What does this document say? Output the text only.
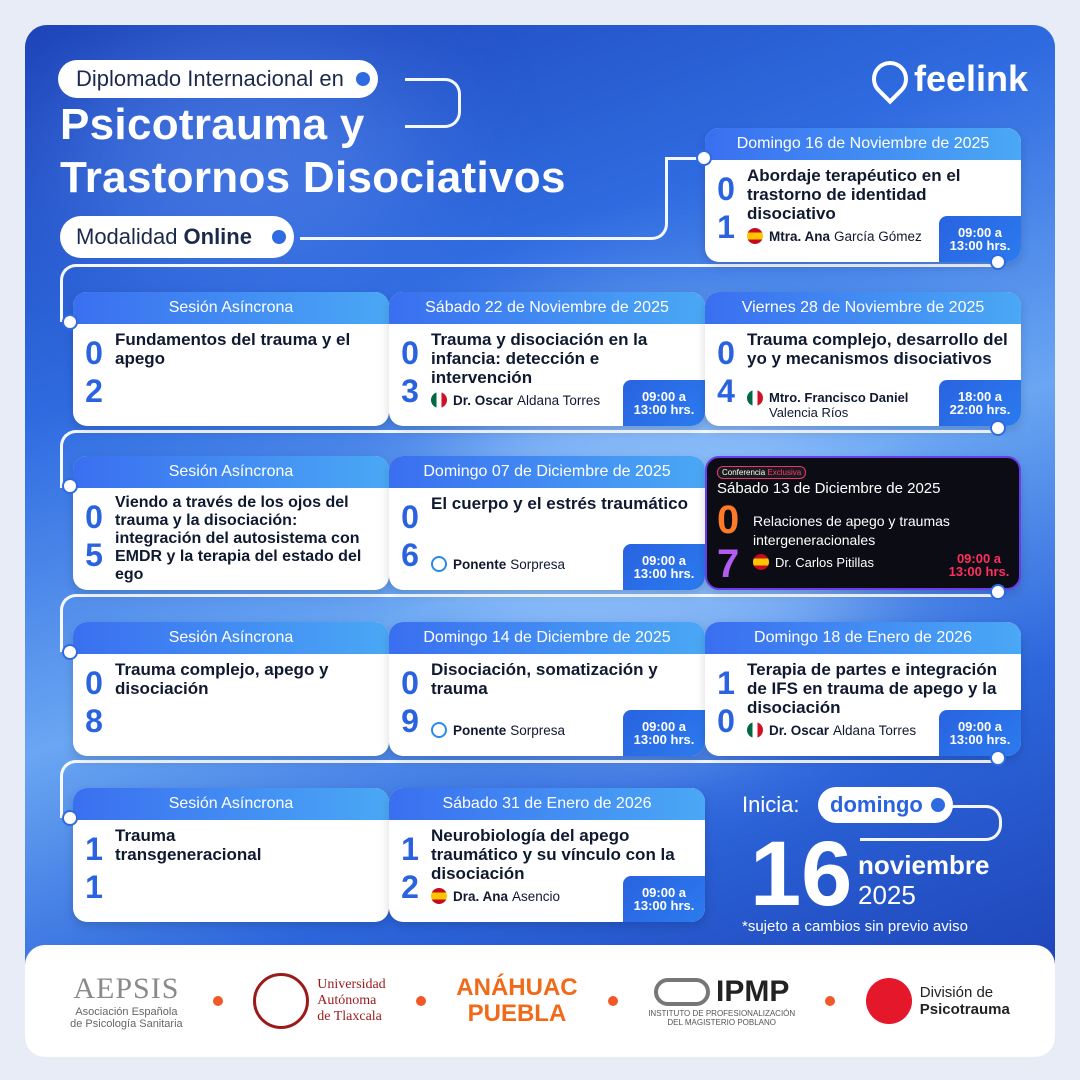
Diplomado Internacional en
Psicotrauma y
Trastornos Disociativos
Modalidad Online
feelink
Domingo 16 de Noviembre de 2025
0
1
Abordaje terapéutico en el trastorno de identidad disociativo
Mtra. Ana García Gómez	09:00 a
13:00 hrs.
Sesión Asíncrona
0
2
Fundamentos del trauma y el apego
Sábado 22 de Noviembre de 2025
0
3
Trauma y disociación en la infancia: detección e intervención
Dr. Oscar Aldana Torres	09:00 a
13:00 hrs.
Viernes 28 de Noviembre de 2025
0
4
Trauma complejo, desarrollo del yo y mecanismos disociativos
Mtro. Francisco Daniel
Valencia Ríos
18:00 a
22:00 hrs.
Sesión Asíncrona
0
5
Viendo a través de los ojos del trauma y la disociación: integración del autosistema con EMDR y la terapia del estado del ego
Domingo 07 de Diciembre de 2025
0
6
El cuerpo y el estrés traumático
Ponente Sorpresa	09:00 a
13:00 hrs.
Conferencia Exclusiva
Sábado 13 de Diciembre de 2025
0
7
Relaciones de apego y traumas intergeneracionales
Dr. Carlos Pitillas	09:00 a
13:00 hrs.
Sesión Asíncrona
0
8
Trauma complejo, apego y disociación
Domingo 14 de Diciembre de 2025
0
9
Disociación, somatización y trauma
Ponente Sorpresa	09:00 a
13:00 hrs.
Domingo 18 de Enero de 2026
1
0
Terapia de partes e integración de IFS en trauma de apego y la disociación
Dr. Oscar Aldana Torres	09:00 a
13:00 hrs.
Sesión Asíncrona
1
1
Trauma transgeneracional
Sábado 31 de Enero de 2026
1
2
Neurobiología del apego traumático y su vínculo con la disociación
Dra. Ana Asencio	09:00 a
13:00 hrs.
Inicia: domingo
16 noviembre
2025
*sujeto a cambios sin previo aviso
AEPSIS
Asociación Española
de Psicología Sanitaria
Universidad
Autónoma
de Tlaxcala
ANÁHUAC
PUEBLA
IPMP
INSTITUTO DE PROFESIONALIZACIÓN
DEL MAGISTERIO POBLANO
División de
Psicotrauma
